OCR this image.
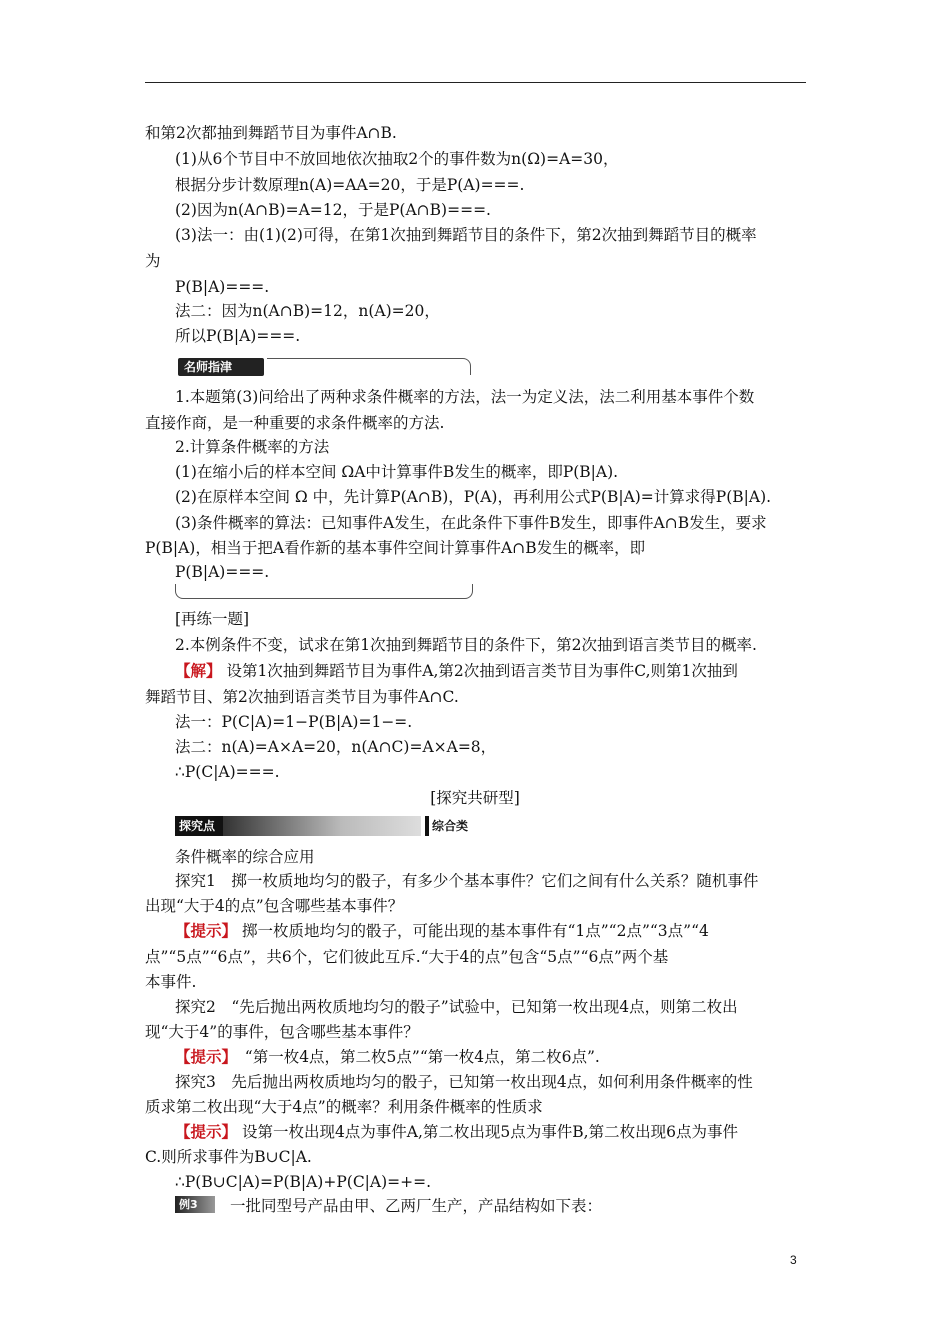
和第2次都抽到舞蹈节目为事件A∩B.
(1)从6个节目中不放回地依次抽取2个的事件数为n(Ω)=A=30，
根据分步计数原理n(A)=AA=20，于是P(A)===.
(2)因为n(A∩B)=A=12，于是P(A∩B)===.
(3)法一：由(1)(2)可得，在第1次抽到舞蹈节目的条件下，第2次抽到舞蹈节目的概率
为
P(B|A)===.
法二：因为n(A∩B)=12，n(A)=20，
所以P(B|A)===.
名师指津
1.本题第(3)问给出了两种求条件概率的方法，法一为定义法，法二利用基本事件个数
直接作商，是一种重要的求条件概率的方法.
2.计算条件概率的方法
(1)在缩小后的样本空间 ΩA中计算事件B发生的概率，即P(B|A).
(2)在原样本空间 Ω 中，先计算P(A∩B)，P(A)，再利用公式P(B|A)=计算求得P(B|A).
(3)条件概率的算法：已知事件A发生，在此条件下事件B发生，即事件A∩B发生，要求
P(B|A)，相当于把A看作新的基本事件空间计算事件A∩B发生的概率，即
P(B|A)===.
[再练一题]
2.本例条件不变，试求在第1次抽到舞蹈节目的条件下，第2次抽到语言类节目的概率.
【解】 设第1次抽到舞蹈节目为事件A,第2次抽到语言类节目为事件C,则第1次抽到
舞蹈节目、第2次抽到语言类节目为事件A∩C.
法一：P(C|A)=1−P(B|A)=1−=.
法二：n(A)=A×A=20，n(A∩C)=A×A=8，
∴P(C|A)===.
[探究共研型]
探究点	综合类
条件概率的综合应用
探究1　掷一枚质地均匀的骰子，有多少个基本事件？它们之间有什么关系？随机事件
出现“大于4的点”包含哪些基本事件？
【提示】 掷一枚质地均匀的骰子，可能出现的基本事件有“1点”“2点”“3点”“4
点”“5点”“6点”，共6个，它们彼此互斥.“大于4的点”包含“5点”“6点”两个基
本事件.
探究2　“先后抛出两枚质地均匀的骰子”试验中，已知第一枚出现4点，则第二枚出
现“大于4”的事件，包含哪些基本事件？
【提示】　“第一枚4点，第二枚5点”“第一枚4点，第二枚6点”.
探究3　先后抛出两枚质地均匀的骰子，已知第一枚出现4点，如何利用条件概率的性
质求第二枚出现“大于4点”的概率？利用条件概率的性质求
【提示】 设第一枚出现4点为事件A,第二枚出现5点为事件B,第二枚出现6点为事件
C.则所求事件为B∪C|A.
∴P(B∪C|A)=P(B|A)+P(C|A)=+=.
例3	一批同型号产品由甲、乙两厂生产，产品结构如下表：
3
